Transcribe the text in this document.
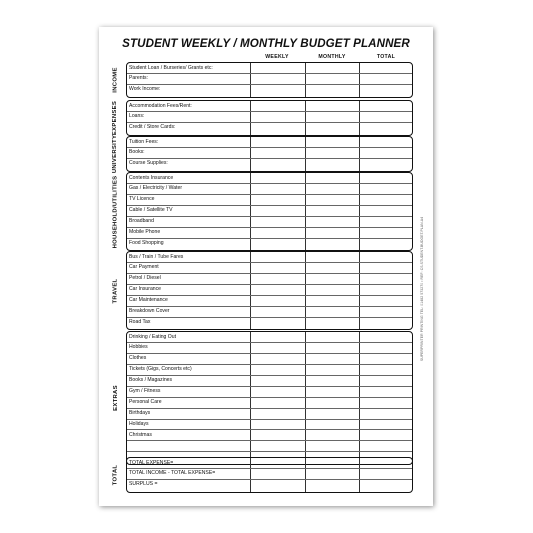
STUDENT WEEKLY / MONTHLY BUDGET PLANNER
WEEKLY	MONTHLY	TOTAL
INCOME Student Loan / Burseries/ Grants etc:
Parents:
Work Income:
EXPENSES Accommodation Fees/Rent:
Loans:
Credit / Store Cards:
UNIVERSITY Tuition Fees:
Books:
Course Supplies:
HOUSEHOLD/UTILITIES Contents Insurance
Gas / Electricity / Water
TV Licence
Cable / Satellite TV
Broadband
Mobile Phone
Food Shopping
TRAVEL
Bus / Train / Tube Fares
Car Payment
Petrol / Diesel
Car Insurance
Car Maintenance
Breakdown Cover
Road Tax
EXTRAS
Drinking / Eating Out
Hobbies
Clothes
Tickets (Gigs, Concerts etc)
Books / Magazines
Gym / Fitness
Personal Care
Birthdays
Holidays
Christmas
TOTAL
TOTAL EXPENSE=
TOTAL INCOME - TOTAL EXPENSE=
SURPLUS =
SUPERPRINTER PRINTING TEL: 01482 573270 • REF: CS.STUDENT.BUDGET.PLAN.A4
